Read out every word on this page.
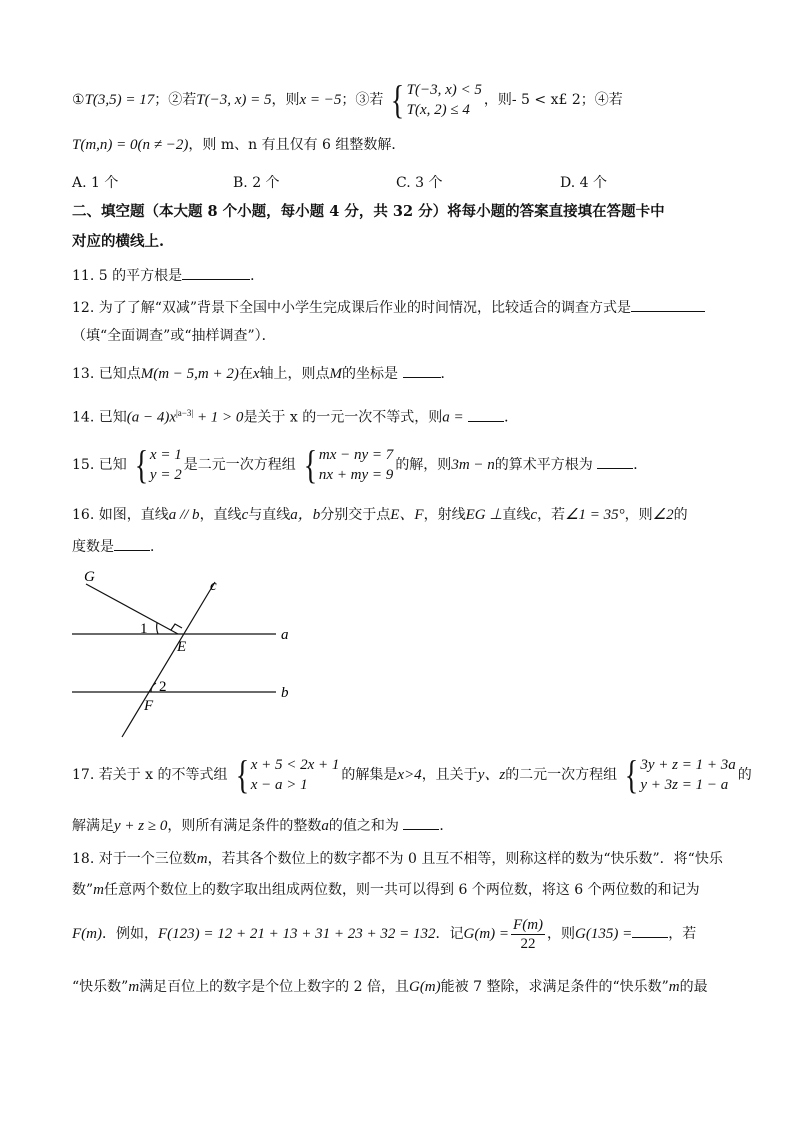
①T(3,5) = 17；②若T(−3, x) = 5，则x = −5；③若 { T(−3, x) < 5
T(x, 2) ≤ 4
，则- 5 < x£ 2；④若
T(m,n) = 0(n ≠ −2)，则 m、n 有且仅有 6 组整数解．
A. 1 个	B. 2 个	C. 3 个	D. 4 个
二、填空题（本大题 8 个小题，每小题 4 分，共 32 分）将每小题的答案直接填在答题卡中
对应的横线上.
11. 5 的平方根是	．
12. 为了了解“双减”背景下全国中小学生完成课后作业的时间情况，比较适合的调查方式是
（填“全面调查”或“抽样调查”）．
13. 已知点M(m − 5,m + 2)在x轴上，则点M的坐标是	．
14. 已知$(a - 4)x^{|a-3|} + 1 > 0$是关于 x 的一元一次不等式，则a =	．
15. 已知 { x = 1
y = 2
是二元一次方程组 { mx − ny = 7
nx + my = 9
的解，则3m − n的算术平方根为	．
16. 如图，直线a // b，直线c与直线a，b分别交于点E、F，射线EG ⊥直线c，若∠1 = 35°，则∠2的
度数是	．
G
c
1
E
a
2	b
F
17. 若关于 x 的不等式组 { x + 5 < 2x + 1
x − a > 1
的解集是x>4，且关于y、z的二元一次方程组 { 3y + z = 1 + 3a
y + 3z = 1 − a
的
解满足y + z ≥ 0，则所有满足条件的整数a的值之和为	．
18. 对于一个三位数m，若其各个数位上的数字都不为 0 且互不相等，则称这样的数为“快乐数”．将“快乐
数”m任意两个数位上的数字取出组成两位数，则一共可以得到 6 个两位数，将这 6 个两位数的和记为
F(m)．例如，F(123) = 12 + 21 + 13 + 31 + 23 + 32 = 132．记$G(m) = \frac{F(m)}{22}$ ，则G(135) =	，若
“快乐数”m满足百位上的数字是个位上数字的 2 倍，且G(m)能被 7 整除，求满足条件的“快乐数”m的最
